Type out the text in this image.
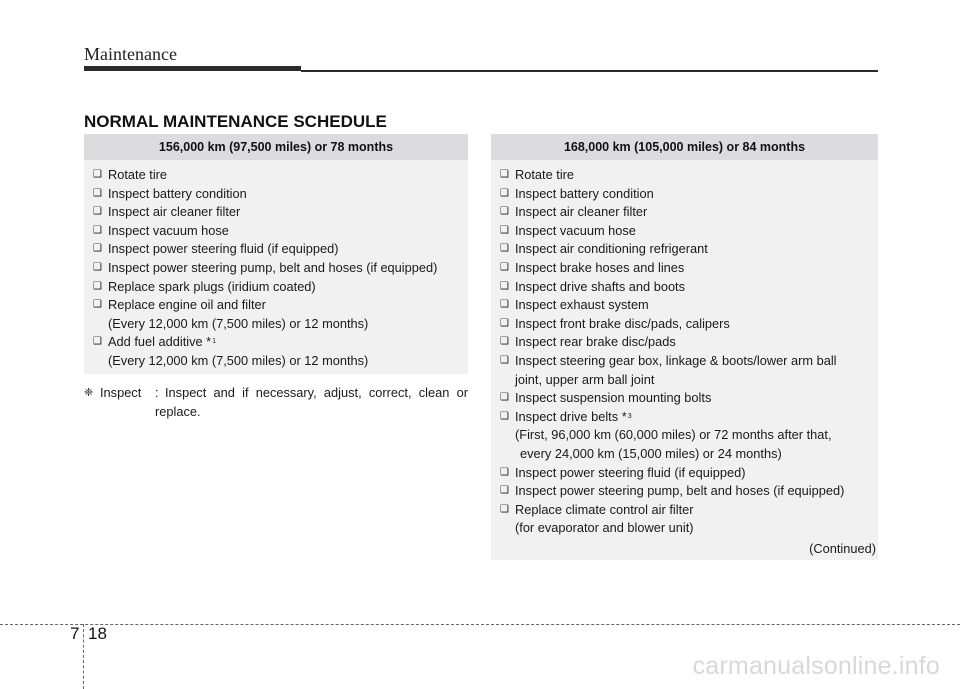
Maintenance
NORMAL MAINTENANCE SCHEDULE
156,000 km (97,500 miles) or 78 months
❑ Rotate tire
❑ Inspect battery condition
❑ Inspect air cleaner filter
❑ Inspect vacuum hose
❑ Inspect power steering fluid (if equipped)
❑ Inspect power steering pump, belt and hoses (if equipped)
❑ Replace spark plugs (iridium coated)
❑ Replace engine oil and filter
(Every 12,000 km (7,500 miles) or 12 months)
❑ Add fuel additive * 1
(Every 12,000 km (7,500 miles) or 12 months)
❈ Inspect	: Inspect and if necessary, adjust, correct, clean or
replace.
168,000 km (105,000 miles) or 84 months
❑ Rotate tire
❑ Inspect battery condition
❑ Inspect air cleaner filter
❑ Inspect vacuum hose
❑ Inspect air conditioning refrigerant
❑ Inspect brake hoses and lines
❑ Inspect drive shafts and boots
❑ Inspect exhaust system
❑ Inspect front brake disc/pads, calipers
❑ Inspect rear brake disc/pads
❑ Inspect steering gear box, linkage & boots/lower arm ball
joint, upper arm ball joint
❑ Inspect suspension mounting bolts
❑ Inspect drive belts * 3
(First, 96,000 km (60,000 miles) or 72 months after that,
every 24,000 km (15,000 miles) or 24 months)
❑ Inspect power steering fluid (if equipped)
❑ Inspect power steering pump, belt and hoses (if equipped)
❑ Replace climate control air filter
(for evaporator and blower unit)
(Continued)
7 18
carmanualsonline.info
